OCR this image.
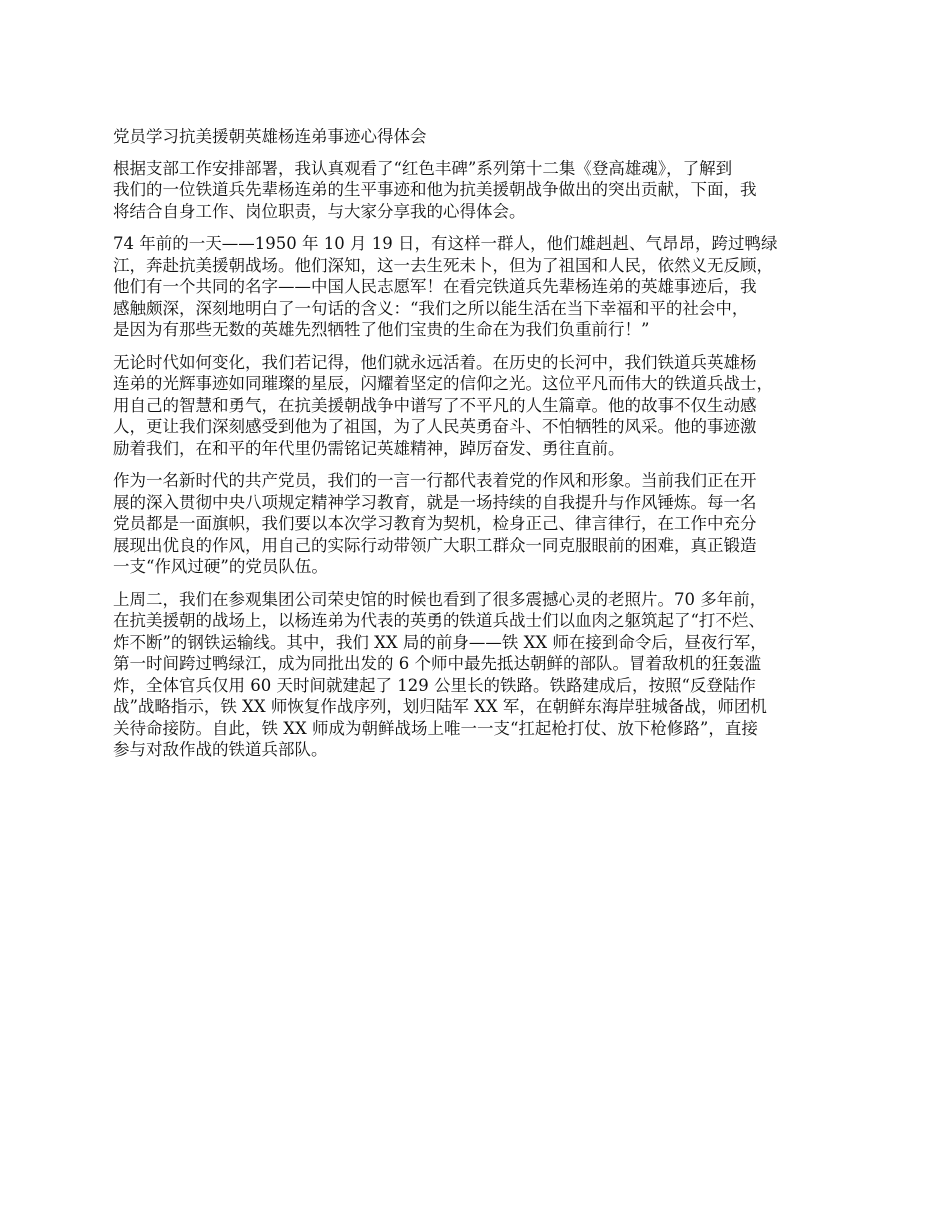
党员学习抗美援朝英雄杨连弟事迹心得体会
根据支部工作安排部署，我认真观看了“红色丰碑”系列第十二集《登高雄魂》，了解到
我们的一位铁道兵先辈杨连弟的生平事迹和他为抗美援朝战争做出的突出贡献，下面，我
将结合自身工作、岗位职责，与大家分享我的心得体会。
74 年前的一天——1950 年 10 月 19 日，有这样一群人，他们雄赳赳、气昂昂，跨过鸭绿
江，奔赴抗美援朝战场。他们深知，这一去生死未卜，但为了祖国和人民，依然义无反顾，
他们有一个共同的名字——中国人民志愿军！在看完铁道兵先辈杨连弟的英雄事迹后，我
感触颇深，深刻地明白了一句话的含义：“我们之所以能生活在当下幸福和平的社会中，
是因为有那些无数的英雄先烈牺牲了他们宝贵的生命在为我们负重前行！”
无论时代如何变化，我们若记得，他们就永远活着。在历史的长河中，我们铁道兵英雄杨
连弟的光辉事迹如同璀璨的星辰，闪耀着坚定的信仰之光。这位平凡而伟大的铁道兵战士，
用自己的智慧和勇气，在抗美援朝战争中谱写了不平凡的人生篇章。他的故事不仅生动感
人，更让我们深刻感受到他为了祖国，为了人民英勇奋斗、不怕牺牲的风采。他的事迹激
励着我们，在和平的年代里仍需铭记英雄精神，踔厉奋发、勇往直前。
作为一名新时代的共产党员，我们的一言一行都代表着党的作风和形象。当前我们正在开
展的深入贯彻中央八项规定精神学习教育，就是一场持续的自我提升与作风锤炼。每一名
党员都是一面旗帜，我们要以本次学习教育为契机，检身正己、律言律行，在工作中充分
展现出优良的作风，用自己的实际行动带领广大职工群众一同克服眼前的困难，真正锻造
一支“作风过硬”的党员队伍。
上周二，我们在参观集团公司荣史馆的时候也看到了很多震撼心灵的老照片。70 多年前，
在抗美援朝的战场上，以杨连弟为代表的英勇的铁道兵战士们以血肉之躯筑起了“打不烂、
炸不断”的钢铁运输线。其中，我们 XX 局的前身——铁 XX 师在接到命令后，昼夜行军，
第一时间跨过鸭绿江，成为同批出发的 6 个师中最先抵达朝鲜的部队。冒着敌机的狂轰滥
炸，全体官兵仅用 60 天时间就建起了 129 公里长的铁路。铁路建成后，按照“反登陆作
战”战略指示，铁 XX 师恢复作战序列，划归陆军 XX 军，在朝鲜东海岸驻城备战，师团机
关待命接防。自此，铁 XX 师成为朝鲜战场上唯一一支“扛起枪打仗、放下枪修路”，直接
参与对敌作战的铁道兵部队。
